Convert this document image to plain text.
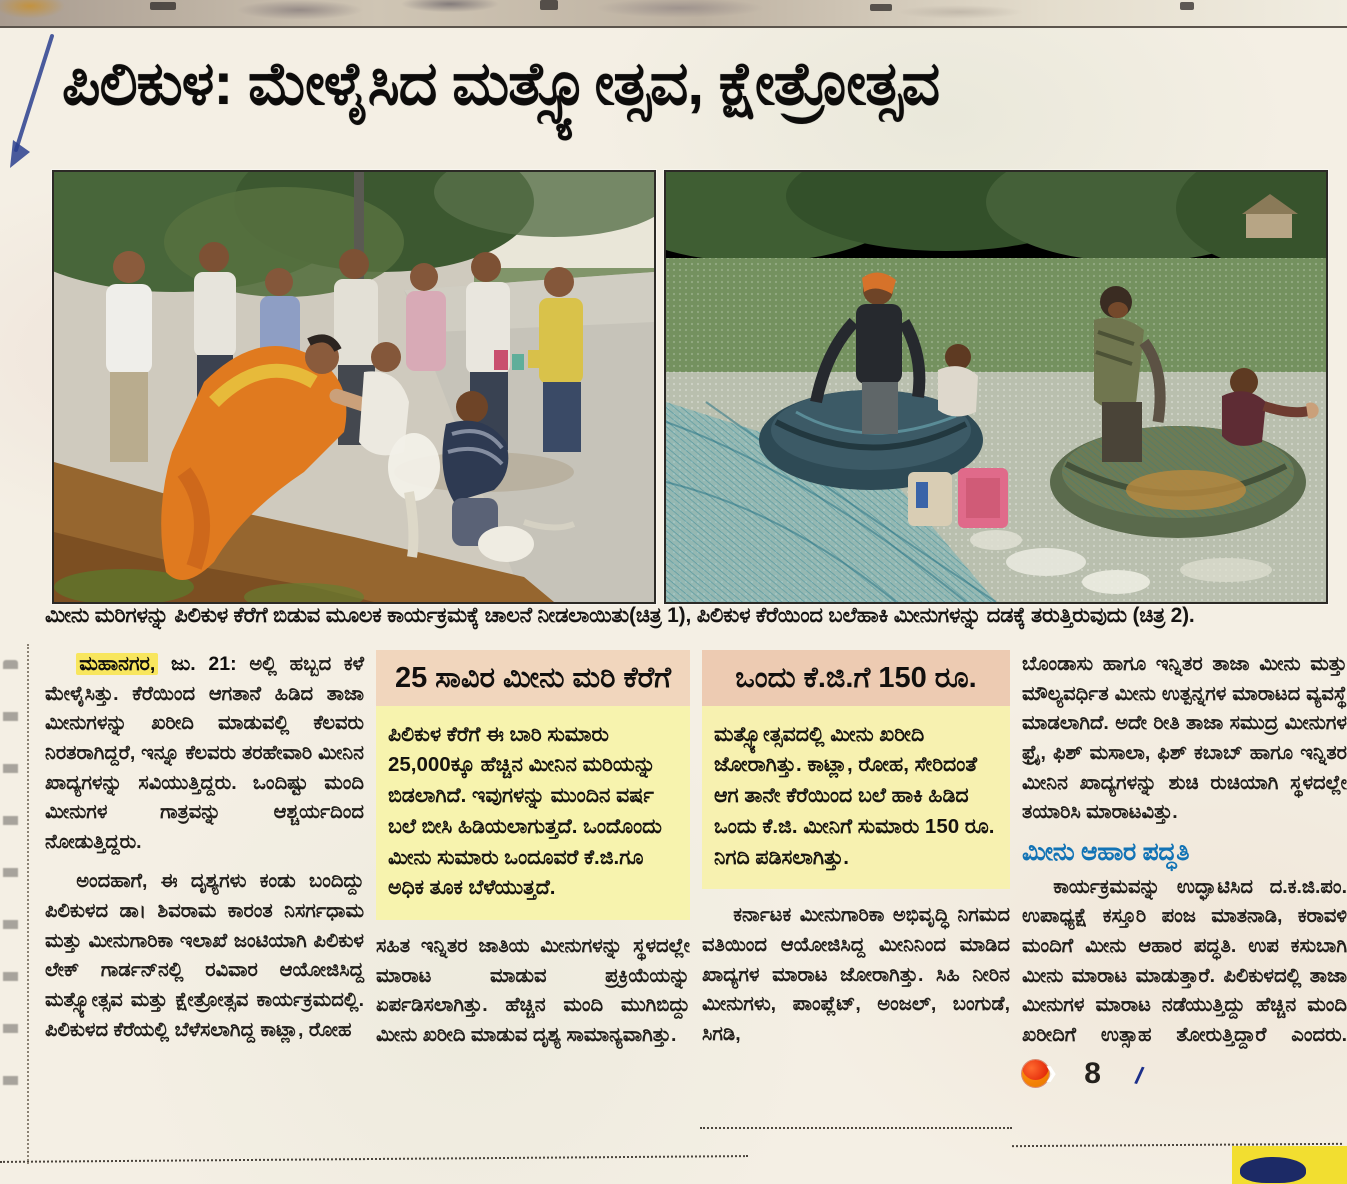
ಪಿಲಿಕುಳ: ಮೇಳೈಸಿದ ಮತ್ಸ್ಯೋತ್ಸವ, ಕ್ಷೇತ್ರೋತ್ಸವ

ಮೀನು ಮರಿಗಳನ್ನು ಪಿಲಿಕುಳ ಕೆರೆಗೆ ಬಿಡುವ ಮೂಲಕ ಕಾರ್ಯಕ್ರಮಕ್ಕೆ ಚಾಲನೆ ನೀಡಲಾಯಿತು(ಚಿತ್ರ 1), ಪಿಲಿಕುಳ ಕೆರೆಯಿಂದ ಬಲೆಹಾಕಿ ಮೀನುಗಳನ್ನು ದಡಕ್ಕೆ ತರುತ್ತಿರುವುದು (ಚಿತ್ರ 2).

ಮಹಾನಗರ, ಜು. 21: ಅಲ್ಲಿ ಹಬ್ಬದ ಕಳೆ ಮೇಳೈಸಿತ್ತು. ಕೆರೆಯಿಂದ ಆಗತಾನೆ ಹಿಡಿದ ತಾಜಾ ಮೀನುಗಳನ್ನು ಖರೀದಿ ಮಾಡುವಲ್ಲಿ ಕೆಲವರು ನಿರತರಾಗಿದ್ದರೆ, ಇನ್ನೂ ಕೆಲವರು ತರಹೇವಾರಿ ಮೀನಿನ ಖಾದ್ಯಗಳನ್ನು ಸವಿಯುತ್ತಿದ್ದರು. ಒಂದಿಷ್ಟು ಮಂದಿ ಮೀನುಗಳ ಗಾತ್ರವನ್ನು ಆಶ್ಚರ್ಯದಿಂದ ನೋಡುತ್ತಿದ್ದರು.

ಅಂದಹಾಗೆ, ಈ ದೃಶ್ಯಗಳು ಕಂಡು ಬಂದಿದ್ದು ಪಿಲಿಕುಳದ ಡಾ। ಶಿವರಾಮ ಕಾರಂತ ನಿಸರ್ಗಧಾಮ ಮತ್ತು ಮೀನುಗಾರಿಕಾ ಇಲಾಖೆ ಜಂಟಿಯಾಗಿ ಪಿಲಿಕುಳ ಲೇಕ್ ಗಾರ್ಡನ್‌ನಲ್ಲಿ ರವಿವಾರ ಆಯೋಜಿಸಿದ್ದ ಮತ್ಸ್ಯೋತ್ಸವ ಮತ್ತು ಕ್ಷೇತ್ರೋತ್ಸವ ಕಾರ್ಯಕ್ರಮದಲ್ಲಿ. ಪಿಲಿಕುಳದ ಕೆರೆಯಲ್ಲಿ ಬೆಳೆಸಲಾಗಿದ್ದ ಕಾಟ್ಲಾ, ರೋಹ

25 ಸಾವಿರ ಮೀನು ಮರಿ ಕೆರೆಗೆ
ಪಿಲಿಕುಳ ಕೆರೆಗೆ ಈ ಬಾರಿ ಸುಮಾರು 25,000ಕ್ಕೂ ಹೆಚ್ಚಿನ ಮೀನಿನ ಮರಿಯನ್ನು ಬಿಡಲಾಗಿದೆ. ಇವುಗಳನ್ನು ಮುಂದಿನ ವರ್ಷ ಬಲೆ ಬೀಸಿ ಹಿಡಿಯಲಾಗುತ್ತದೆ. ಒಂದೊಂದು ಮೀನು ಸುಮಾರು ಒಂದೂವರೆ ಕೆ.ಜಿ.ಗೂ ಅಧಿಕ ತೂಕ ಬೆಳೆಯುತ್ತದೆ.

ಸಹಿತ ಇನ್ನಿತರ ಜಾತಿಯ ಮೀನುಗಳನ್ನು ಸ್ಥಳದಲ್ಲೇ ಮಾರಾಟ ಮಾಡುವ ಪ್ರಕ್ರಿಯೆಯನ್ನು ಏರ್ಪಡಿಸಲಾಗಿತ್ತು. ಹೆಚ್ಚಿನ ಮಂದಿ ಮುಗಿಬಿದ್ದು ಮೀನು ಖರೀದಿ ಮಾಡುವ ದೃಶ್ಯ ಸಾಮಾನ್ಯವಾಗಿತ್ತು.

ಒಂದು ಕೆ.ಜಿ.ಗೆ 150 ರೂ.
ಮತ್ಸ್ಯೋತ್ಸವದಲ್ಲಿ ಮೀನು ಖರೀದಿ ಜೋರಾಗಿತ್ತು. ಕಾಟ್ಲಾ, ರೋಹ, ಸೇರಿದಂತೆ ಆಗ ತಾನೇ ಕೆರೆಯಿಂದ ಬಲೆ ಹಾಕಿ ಹಿಡಿದ ಒಂದು ಕೆ.ಜಿ. ಮೀನಿಗೆ ಸುಮಾರು 150 ರೂ. ನಿಗದಿ ಪಡಿಸಲಾಗಿತ್ತು.

ಕರ್ನಾಟಕ ಮೀನುಗಾರಿಕಾ ಅಭಿವೃದ್ಧಿ ನಿಗಮದ ವತಿಯಿಂದ ಆಯೋಜಿಸಿದ್ದ ಮೀನಿನಿಂದ ಮಾಡಿದ ಖಾದ್ಯಗಳ ಮಾರಾಟ ಜೋರಾಗಿತ್ತು. ಸಿಹಿ ನೀರಿನ ಮೀನುಗಳು, ಪಾಂಪ್ಲೆಟ್, ಅಂಜಲ್, ಬಂಗುಡೆ, ಸಿಗಡಿ,

ಬೊಂಡಾಸು ಹಾಗೂ ಇನ್ನಿತರ ತಾಜಾ ಮೀನು ಮತ್ತು ಮೌಲ್ಯವರ್ಧಿತ ಮೀನು ಉತ್ಪನ್ನಗಳ ಮಾರಾಟದ ವ್ಯವಸ್ಥೆ ಮಾಡಲಾಗಿದೆ. ಅದೇ ರೀತಿ ತಾಜಾ ಸಮುದ್ರ ಮೀನುಗಳ ಫ್ರೈ, ಫಿಶ್ ಮಸಾಲಾ, ಫಿಶ್ ಕಬಾಬ್ ಹಾಗೂ ಇನ್ನಿತರ ಮೀನಿನ ಖಾದ್ಯಗಳನ್ನು ಶುಚಿ ರುಚಿಯಾಗಿ ಸ್ಥಳದಲ್ಲೇ ತಯಾರಿಸಿ ಮಾರಾಟವಿತ್ತು.

ಮೀನು ಆಹಾರ ಪದ್ಧತಿ

ಕಾರ್ಯಕ್ರಮವನ್ನು ಉದ್ಘಾಟಿಸಿದ ದ.ಕ.ಜಿ.ಪಂ. ಉಪಾಧ್ಯಕ್ಷೆ ಕಸ್ತೂರಿ ಪಂಜ ಮಾತನಾಡಿ, ಕರಾವಳಿ ಮಂದಿಗೆ ಮೀನು ಆಹಾರ ಪದ್ಧತಿ. ಉಪ ಕಸುಬಾಗಿ ಮೀನು ಮಾರಾಟ ಮಾಡುತ್ತಾರೆ. ಪಿಲಿಕುಳದಲ್ಲಿ ತಾಜಾ ಮೀನುಗಳ ಮಾರಾಟ ನಡೆಯುತ್ತಿದ್ದು ಹೆಚ್ಚಿನ ಮಂದಿ ಖರೀದಿಗೆ ಉತ್ಸಾಹ ತೋರುತ್ತಿದ್ದಾರೆ ಎಂದರು.
❯ 8	/
